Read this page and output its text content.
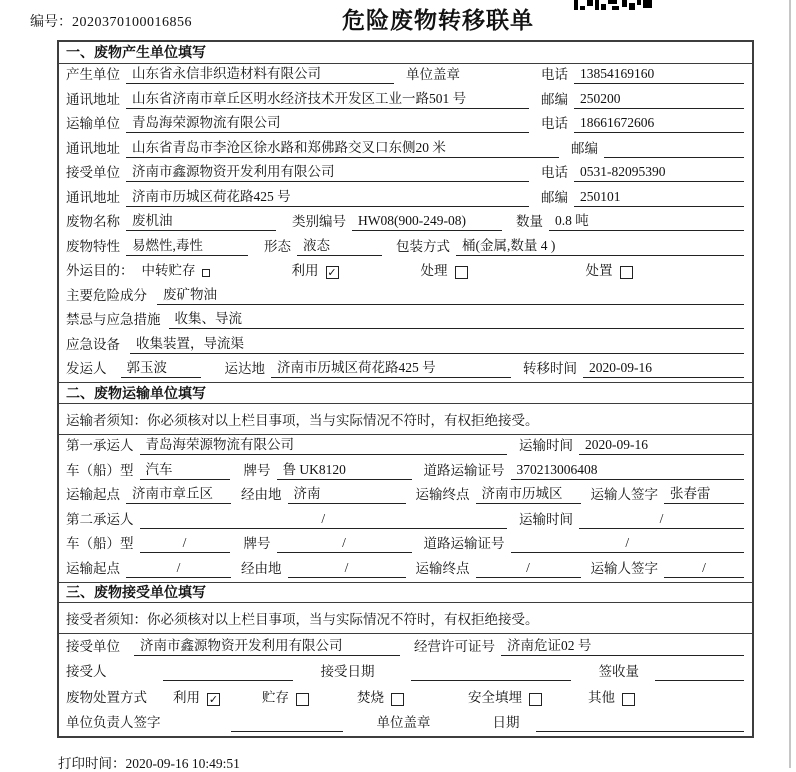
编号：2020370100016856	危险废物转移联单
一、废物产生单位填写
产生单位 山东省永信非织造材料有限公司	单位盖章	电话 13854169160
通讯地址 山东省济南市章丘区明水经济技术开发区工业一路501 号	邮编 250200
运输单位 青岛海荣源物流有限公司	电话 18661672606
通讯地址 山东省青岛市李沧区徐水路和郑佛路交叉口东侧20 米	邮编
接受单位 济南市鑫源物资开发利用有限公司	电话 0531-82095390
通讯地址 济南市历城区荷花路425 号	邮编 250101
废物名称 废机油	类别编号 HW08(900-249-08)	数量 0.8 吨
废物特性 易燃性,毒性	形态 液态	包装方式 桶(金属,数量 4 )
外运目的： 中转贮存	利用 ✓	处理	处置
主要危险成分	废矿物油
禁忌与应急措施	收集、导流
应急设备	收集装置，导流渠
发运人	郭玉波	运达地 济南市历城区荷花路425 号	转移时间 2020-09-16
二、废物运输单位填写
运输者须知：你必须核对以上栏目事项，当与实际情况不符时，有权拒绝接受。
第一承运人 青岛海荣源物流有限公司	运输时间 2020-09-16
车（船）型 汽车	牌号 鲁 UK8120	道路运输证号 370213006408
运输起点 济南市章丘区	经由地 济南	运输终点 济南市历城区	运输人签字 张春雷
第二承运人	/	运输时间	/
车（船）型	/	牌号	/	道路运输证号	/
运输起点	/	经由地	/	运输终点	/	运输人签字	/
三、废物接受单位填写
接受者须知：你必须核对以上栏目事项，当与实际情况不符时，有权拒绝接受。
接受单位	济南市鑫源物资开发利用有限公司	经营许可证号 济南危证02 号
接受人	接受日期	签收量
废物处置方式 利用 ✓	贮存	焚烧	安全填埋	其他
单位负责人签字	单位盖章	日期
打印时间：2020-09-16 10:49:51
